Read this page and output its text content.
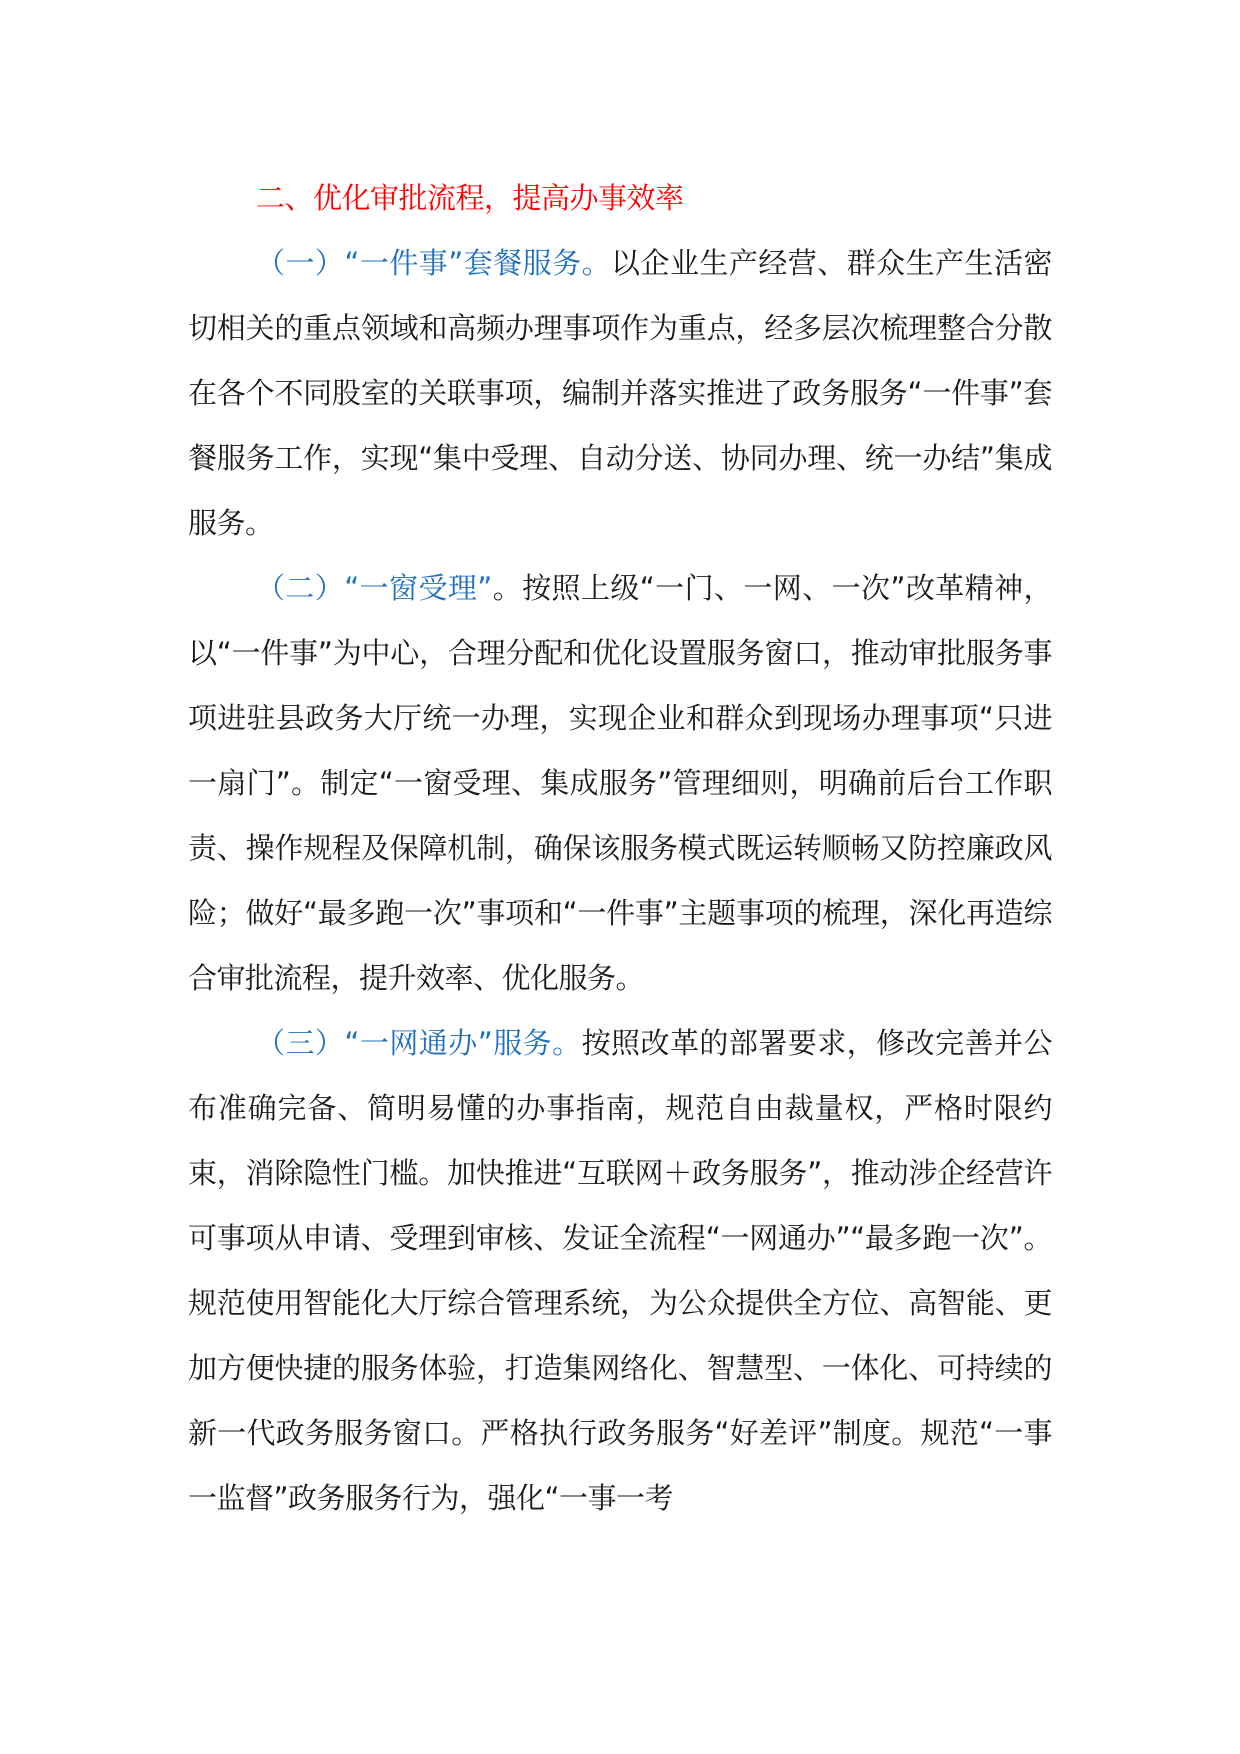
二、优化审批流程，提高办事效率

（一）“一件事”套餐服务。以企业生产经营、群众生产生活密切相关的重点领域和高频办理事项作为重点，经多层次梳理整合分散在各个不同股室的关联事项，编制并落实推进了政务服务“一件事”套餐服务工作，实现“集中受理、自动分送、协同办理、统一办结”集成服务。

（二）“一窗受理”。按照上级“一门、一网、一次”改革精神，以“一件事”为中心，合理分配和优化设置服务窗口，推动审批服务事项进驻县政务大厅统一办理，实现企业和群众到现场办理事项“只进一扇门”。制定“一窗受理、集成服务”管理细则，明确前后台工作职责、操作规程及保障机制，确保该服务模式既运转顺畅又防控廉政风险；做好“最多跑一次”事项和“一件事”主题事项的梳理，深化再造综合审批流程，提升效率、优化服务。

（三）“一网通办”服务。按照改革的部署要求，修改完善并公布准确完备、简明易懂的办事指南，规范自由裁量权，严格时限约束，消除隐性门槛。加快推进“互联网＋政务服务”，推动涉企经营许可事项从申请、受理到审核、发证全流程“一网通办”“最多跑一次”。规范使用智能化大厅综合管理系统，为公众提供全方位、高智能、更加方便快捷的服务体验，打造集网络化、智慧型、一体化、可持续的新一代政务服务窗口。严格执行政务服务“好差评”制度。规范“一事一监督”政务服务行为，强化“一事一考
